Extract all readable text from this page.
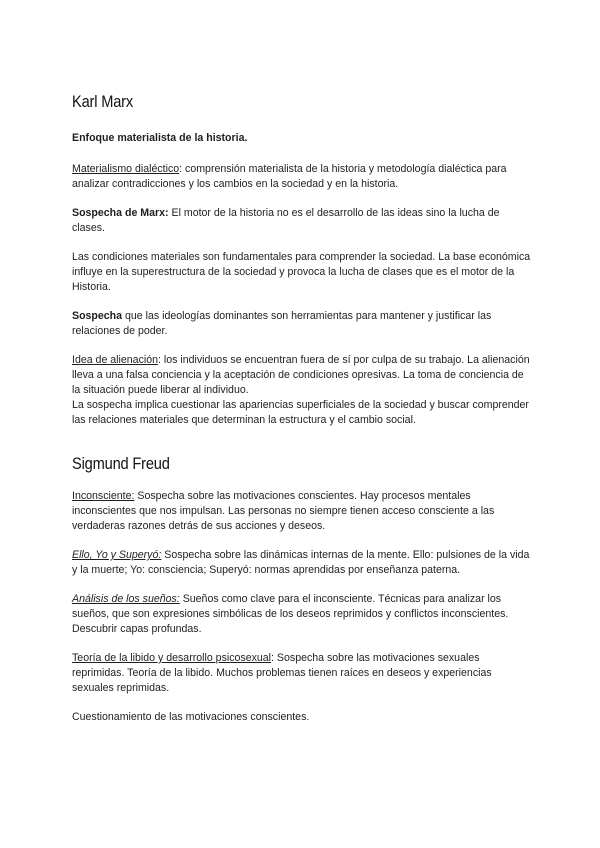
Karl Marx

Enfoque materialista de la historia.

Materialismo dialéctico: comprensión materialista de la historia y metodología dialéctica para analizar contradicciones y los cambios en la sociedad y en la historia.

Sospecha de Marx: El motor de la historia no es el desarrollo de las ideas sino la lucha de clases.

Las condiciones materiales son fundamentales para comprender la sociedad. La base económica influye en la superestructura de la sociedad y provoca la lucha de clases que es el motor de la Historia.

Sospecha que las ideologías dominantes son herramientas para mantener y justificar las relaciones de poder.

Idea de alienación: los individuos se encuentran fuera de sí por culpa de su trabajo. La alienación lleva a una falsa conciencia y la aceptación de condiciones opresivas. La toma de conciencia de la situación puede liberar al individuo.

La sospecha implica cuestionar las apariencias superficiales de la sociedad y buscar comprender las relaciones materiales que determinan la estructura y el cambio social.

Sigmund Freud

Inconsciente: Sospecha sobre las motivaciones conscientes. Hay procesos mentales inconscientes que nos impulsan. Las personas no siempre tienen acceso consciente a las verdaderas razones detrás de sus acciones y deseos.

Ello, Yo y Superyó: Sospecha sobre las dinámicas internas de la mente. Ello: pulsiones de la vida y la muerte; Yo: consciencia; Superyó: normas aprendidas por enseñanza paterna.

Análisis de los sueños: Sueños como clave para el inconsciente. Técnicas para analizar los sueños, que son expresiones simbólicas de los deseos reprimidos y conflictos inconscientes. Descubrir capas profundas.

Teoría de la libido y desarrollo psicosexual: Sospecha sobre las motivaciones sexuales reprimidas. Teoría de la libido. Muchos problemas tienen raíces en deseos y experiencias sexuales reprimidas.

Cuestionamiento de las motivaciones conscientes.
